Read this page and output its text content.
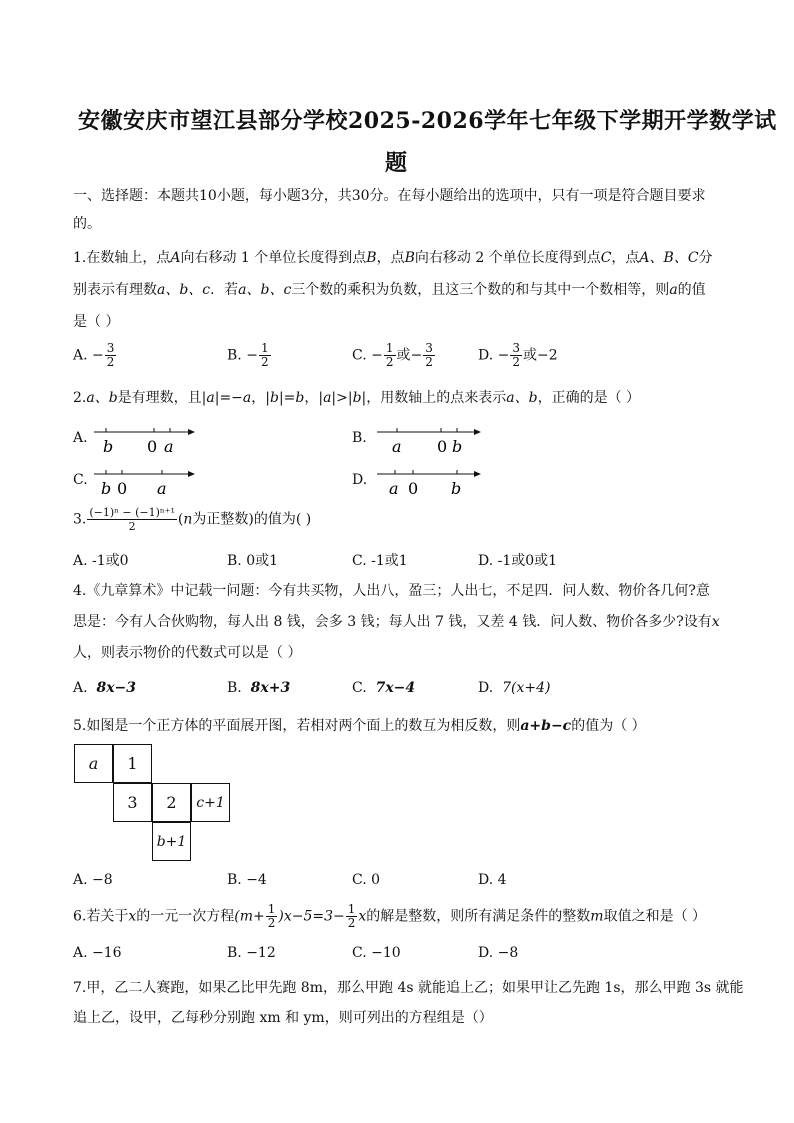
安徽安庆市望江县部分学校2025-2026学年七年级下学期开学数学试
题
一、选择题：本题共10小题，每小题3分，共30分。在每小题给出的选项中，只有一项是符合题目要求
的。
1.在数轴上，点A向右移动 1 个单位长度得到点B，点B向右移动 2 个单位长度得到点C，点A、B、C分
别表示有理数a、b、c．若a、b、c三个数的乘积为负数，且这三个数的和与其中一个数相等，则a的值
是（ ）
A. − $\frac{3}{2}$	B. − $\frac{1}{2}$	C. − $\frac{1}{2}$ 或− $\frac{3}{2}$	D. − $\frac{3}{2}$ 或−2
2.a、b是有理数，且|a|=−a，|b|=b，|a|>|b|，用数轴上的点来表示a、b，正确的是（ ）
A. b 0 a	B. a 0 b
C. b 0 a	D. a 0 b
3. $\frac{\text{(−1)ⁿ − (−1)ⁿ⁺¹}}{2} (n$为正整数)的值为( )
A. -1或0	B. 0或1	C. -1或1	D. -1或0或1
4.《九章算术》中记载一问题：今有共买物，人出八，盈三；人出七，不足四．问人数、物价各几何?意
思是：今有人合伙购物，每人出 8 钱，会多 3 钱；每人出 7 钱，又差 4 钱．问人数、物价各多少?设有x
人，则表示物价的代数式可以是（ ）
A. 8x−3	B. 8x+3	C. 7x−4	D. 7(x+4)
5.如图是一个正方体的平面展开图，若相对两个面上的数互为相反数，则a+b−c的值为（ ）
a	1
3	2	c+1
b+1
A. −8	B. −4	C. 0	D. 4
6.若关于x的一元一次方程$(m+ \frac{1}{2} )x-5=3- \frac{1}{2}$ x的解是整数，则所有满足条件的整数m取值之和是（ ）
A. −16	B. −12	C. −10	D. −8
7.甲，乙二人赛跑，如果乙比甲先跑 8m，那么甲跑 4s 就能追上乙；如果甲让乙先跑 1s，那么甲跑 3s 就能
追上乙，设甲，乙每秒分别跑 xm 和 ym，则可列出的方程组是（）
